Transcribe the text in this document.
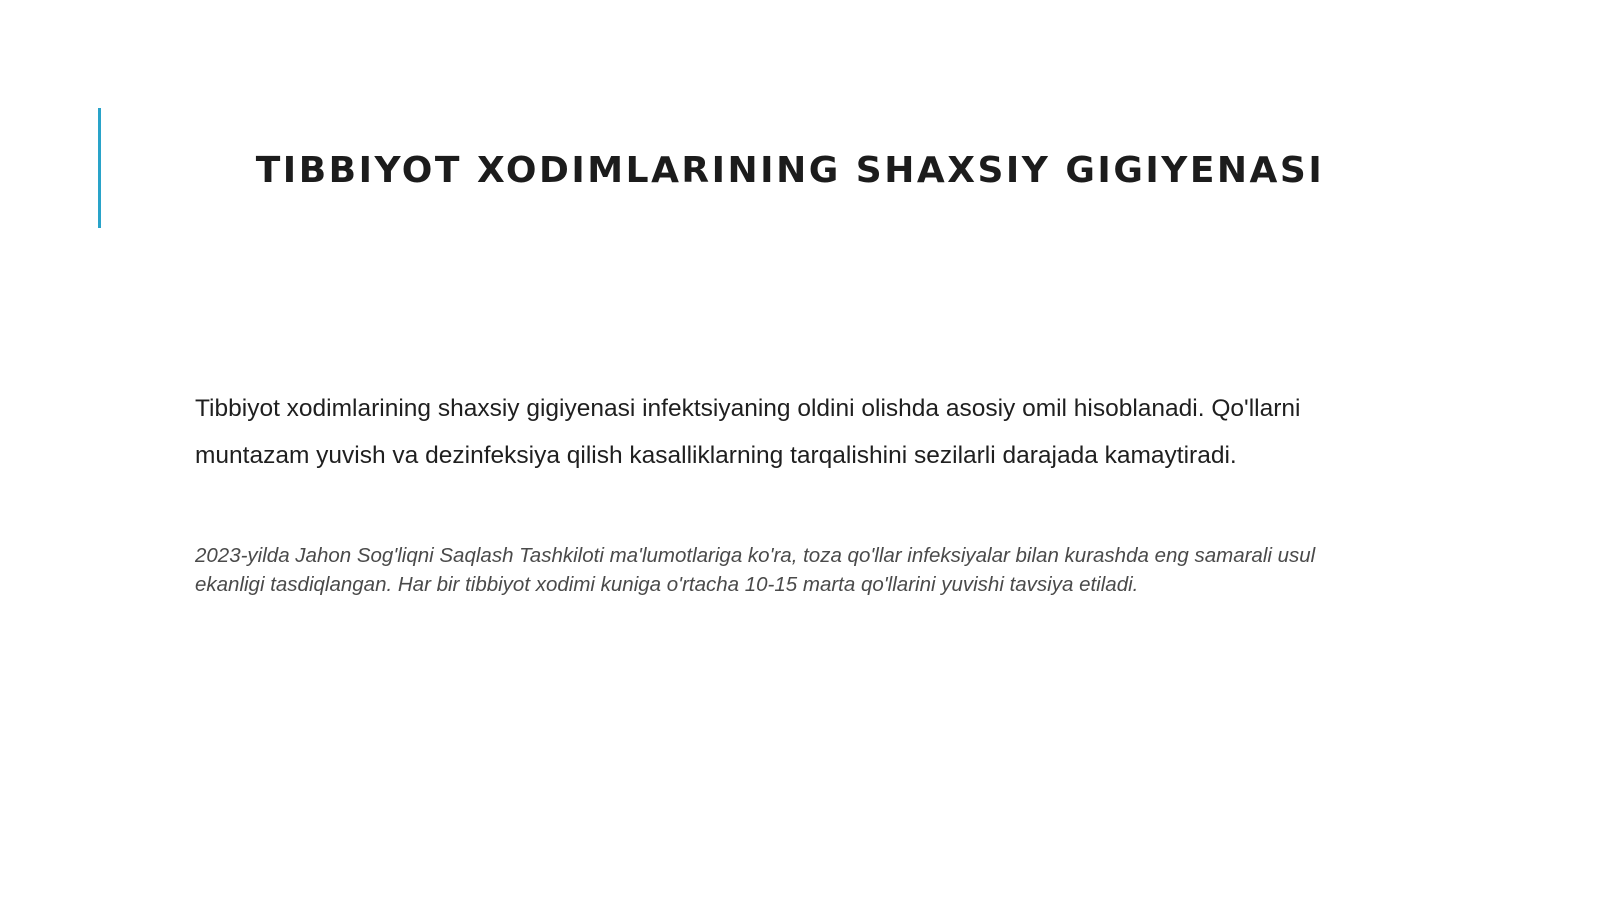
TIBBIYOT XODIMLARINING SHAXSIY GIGIYENASI

Tibbiyot xodimlarining shaxsiy gigiyenasi infektsiyaning oldini olishda asosiy omil hisoblanadi. Qo'llarni muntazam yuvish va dezinfeksiya qilish kasalliklarning tarqalishini sezilarli darajada kamaytiradi.

2023-yilda Jahon Sog'liqni Saqlash Tashkiloti ma'lumotlariga ko'ra, toza qo'llar infeksiyalar bilan kurashda eng samarali usul ekanligi tasdiqlangan. Har bir tibbiyot xodimi kuniga o'rtacha 10-15 marta qo'llarini yuvishi tavsiya etiladi.
